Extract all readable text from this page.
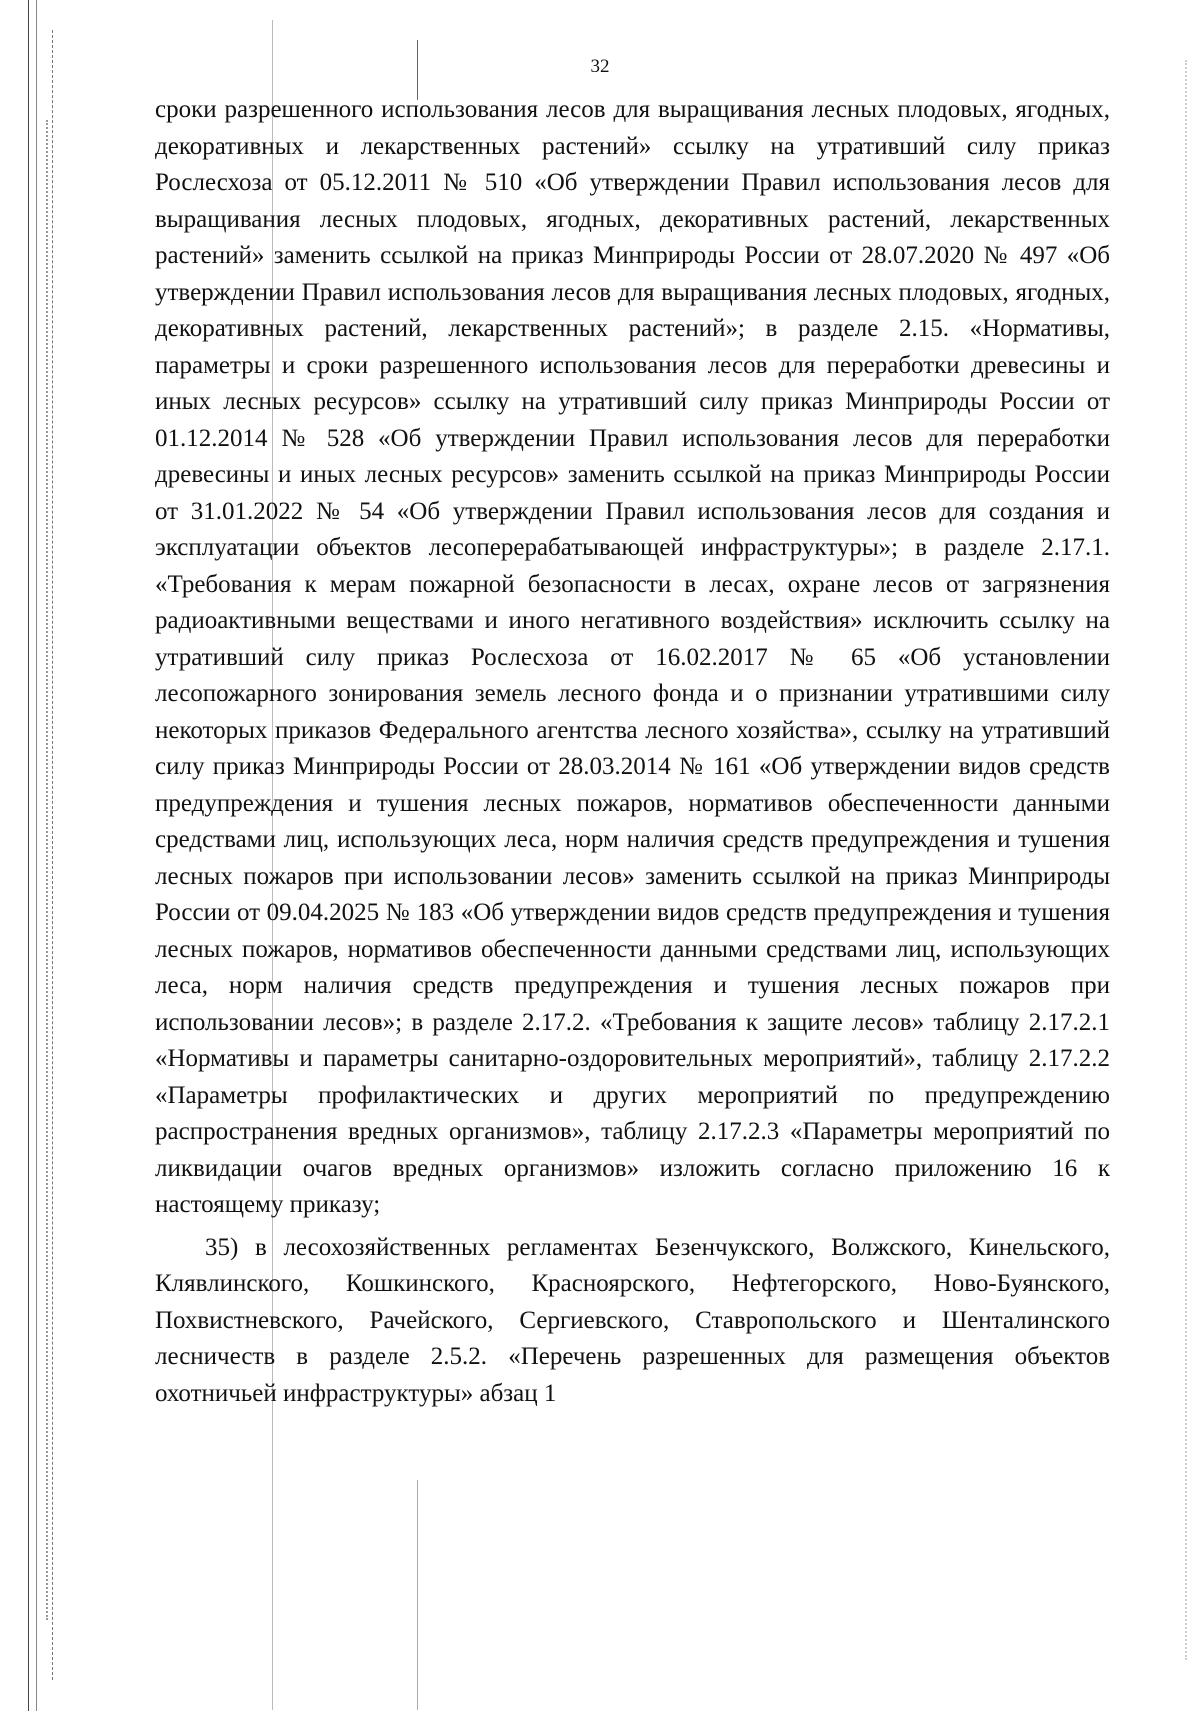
32

сроки разрешенного использования лесов для выращивания лесных плодовых, ягодных, декоративных и лекарственных растений» ссылку на утративший силу приказ Рослесхоза от 05.12.2011 № 510 «Об утверждении Правил использования лесов для выращивания лесных плодовых, ягодных, декоративных растений, лекарственных растений» заменить ссылкой на приказ Минприроды России от 28.07.2020 № 497 «Об утверждении Правил использования лесов для выращивания лесных плодовых, ягодных, декоративных растений, лекарственных растений»; в разделе 2.15. «Нормативы, параметры и сроки разрешенного использования лесов для переработки древесины и иных лесных ресурсов» ссылку на утративший силу приказ Минприроды России от 01.12.2014 № 528 «Об утверждении Правил использования лесов для переработки древесины и иных лесных ресурсов» заменить ссылкой на приказ Минприроды России от 31.01.2022 № 54 «Об утверждении Правил использования лесов для создания и эксплуатации объектов лесоперерабатывающей инфраструктуры»; в разделе 2.17.1. «Требования к мерам пожарной безопасности в лесах, охране лесов от загрязнения радиоактивными веществами и иного негативного воздействия» исключить ссылку на утративший силу приказ Рослесхоза от 16.02.2017 № 65 «Об установлении лесопожарного зонирования земель лесного фонда и о признании утратившими силу некоторых приказов Федерального агентства лесного хозяйства», ссылку на утративший силу приказ Минприроды России от 28.03.2014 № 161 «Об утверждении видов средств предупреждения и тушения лесных пожаров, нормативов обеспеченности данными средствами лиц, использующих леса, норм наличия средств предупреждения и тушения лесных пожаров при использовании лесов» заменить ссылкой на приказ Минприроды России от 09.04.2025 № 183 «Об утверждении видов средств предупреждения и тушения лесных пожаров, нормативов обеспеченности данными средствами лиц, использующих леса, норм наличия средств предупреждения и тушения лесных пожаров при использовании лесов»; в разделе 2.17.2. «Требования к защите лесов» таблицу 2.17.2.1 «Нормативы и параметры санитарно-оздоровительных мероприятий», таблицу 2.17.2.2 «Параметры профилактических и других мероприятий по предупреждению распространения вредных организмов», таблицу 2.17.2.3 «Параметры мероприятий по ликвидации очагов вредных организмов» изложить согласно приложению 16 к настоящему приказу;

35) в лесохозяйственных регламентах Безенчукского, Волжского, Кинельского, Клявлинского, Кошкинского, Красноярского, Нефтегорского, Ново-Буянского, Похвистневского, Рачейского, Сергиевского, Ставропольского и Шенталинского лесничеств в разделе 2.5.2. «Перечень разрешенных для размещения объектов охотничьей инфраструктуры» абзац 1
